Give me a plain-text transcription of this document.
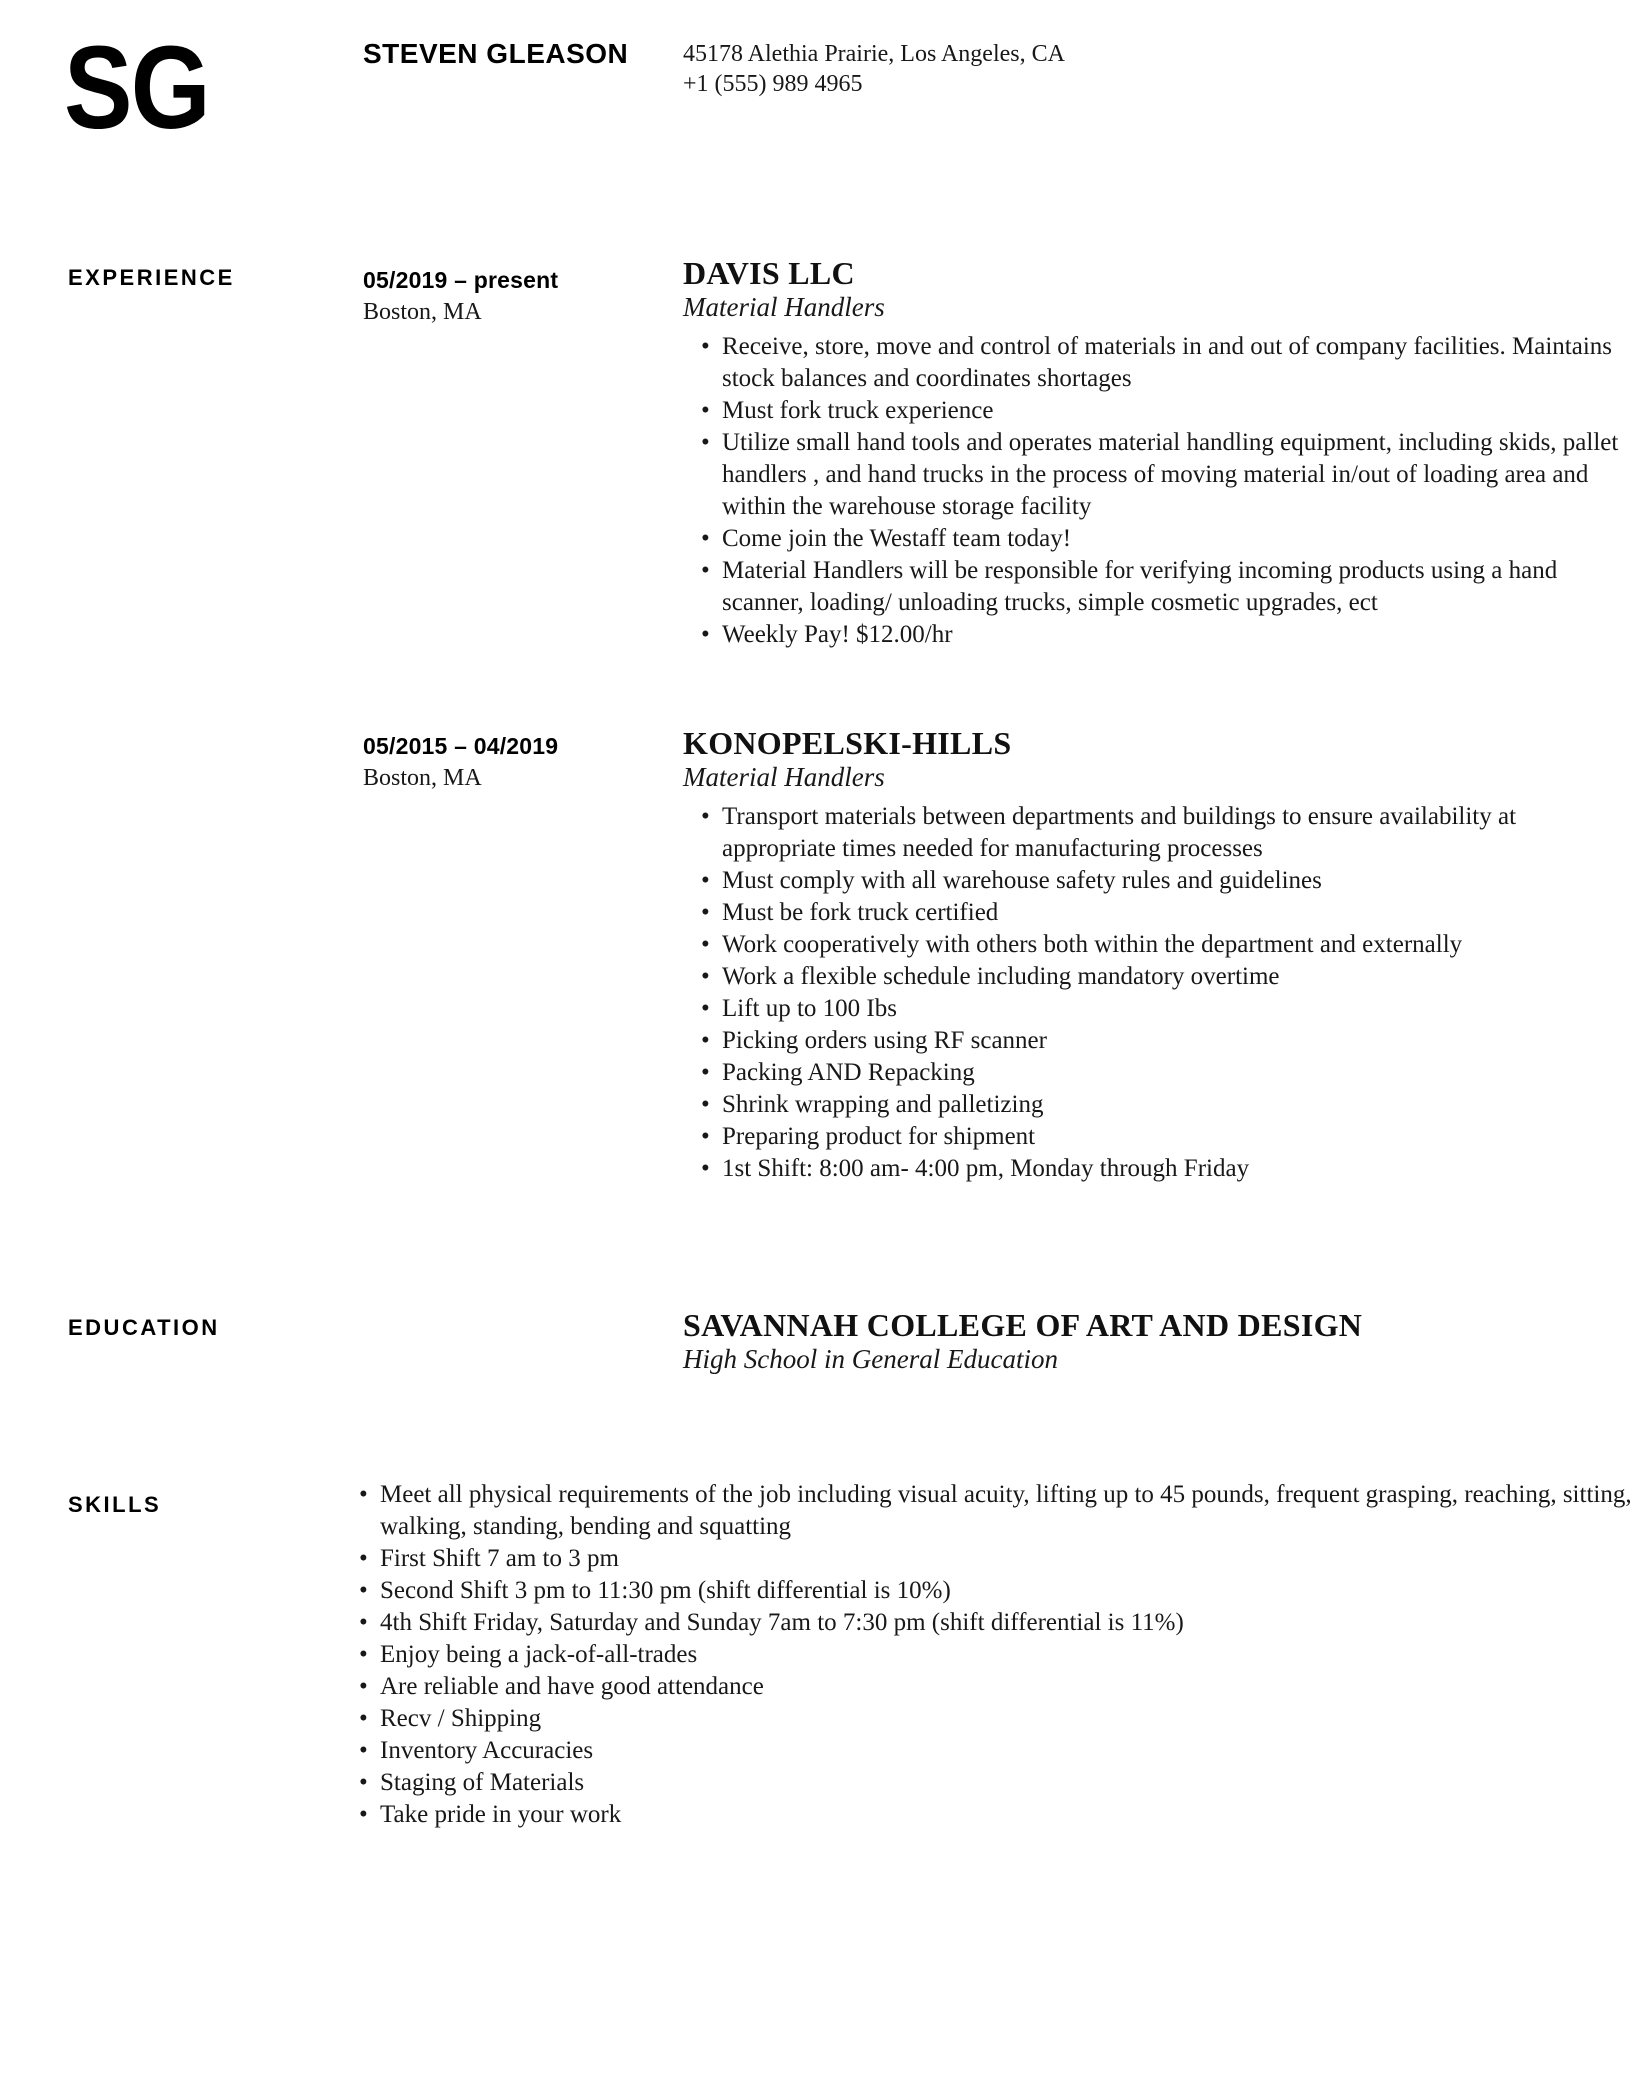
SG	STEVEN GLEASON 45178 Alethia Prairie, Los Angeles, CA
+1 (555) 989 4965
EXPERIENCE	05/2019 – present
Boston, MA
DAVIS LLC
Material Handlers
• Receive, store, move and control of materials in and out of company facilities. Maintains stock balances and coordinates shortages
• Must fork truck experience
• Utilize small hand tools and operates material handling equipment, including skids, pallet handlers , and hand trucks in the process of moving material in/out of loading area and within the warehouse storage facility
• Come join the Westaff team today!
• Material Handlers will be responsible for verifying incoming products using a hand scanner, loading/ unloading trucks, simple cosmetic upgrades, ect
• Weekly Pay! $12.00/hr
05/2015 – 04/2019
Boston, MA
KONOPELSKI-HILLS
Material Handlers
• Transport materials between departments and buildings to ensure availability at appropriate times needed for manufacturing processes
• Must comply with all warehouse safety rules and guidelines
• Must be fork truck certified
• Work cooperatively with others both within the department and externally
• Work a flexible schedule including mandatory overtime
• Lift up to 100 Ibs
• Picking orders using RF scanner
• Packing AND Repacking
• Shrink wrapping and palletizing
• Preparing product for shipment
• 1st Shift: 8:00 am- 4:00 pm, Monday through Friday
EDUCATION	SAVANNAH COLLEGE OF ART AND DESIGN
High School in General Education
SKILLS	• Meet all physical requirements of the job including visual acuity, lifting up to 45 pounds, frequent grasping, reaching, sitting, walking, standing, bending and squatting
• First Shift 7 am to 3 pm
• Second Shift 3 pm to 11:30 pm (shift differential is 10%)
• 4th Shift Friday, Saturday and Sunday 7am to 7:30 pm (shift differential is 11%)
• Enjoy being a jack-of-all-trades
• Are reliable and have good attendance
• Recv / Shipping
• Inventory Accuracies
• Staging of Materials
• Take pride in your work
